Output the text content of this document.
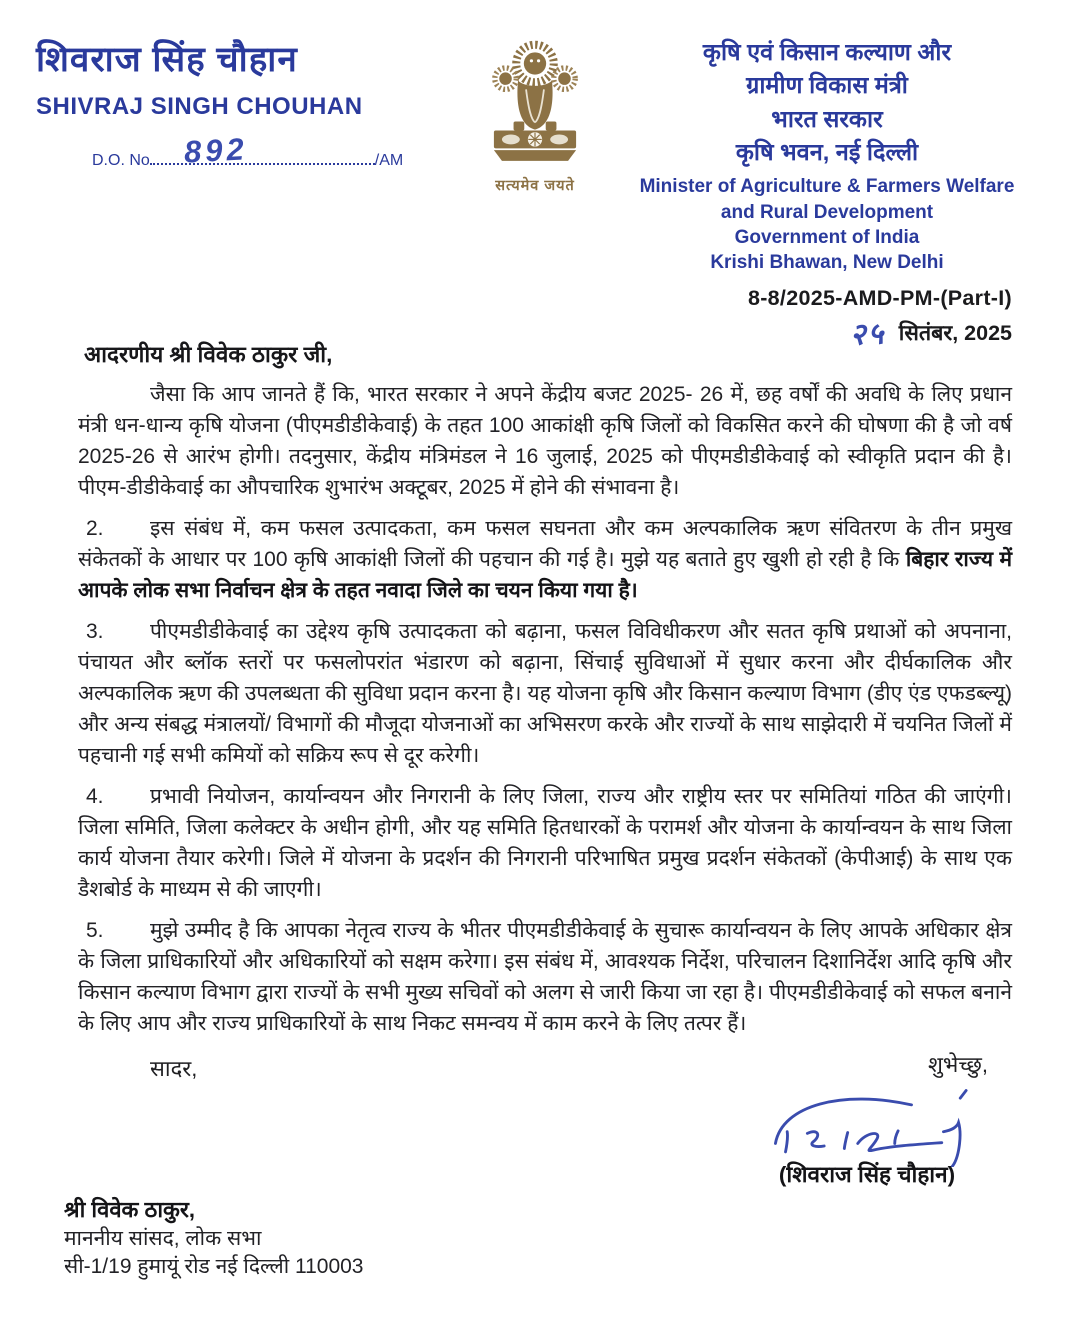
शिवराज सिंह चौहान
SHIVRAJ SINGH CHOUHAN
D.O. No	/AM
892
सत्यमेव जयते
कृषि एवं किसान कल्याण और
ग्रामीण विकास मंत्री
भारत सरकार
कृषि भवन, नई दिल्ली
Minister of Agriculture & Farmers Welfare
and Rural Development
Government of India
Krishi Bhawan, New Delhi
8-8/2025-AMD-PM-(Part-I)
२५ सितंबर, 2025
आदरणीय श्री विवेक ठाकुर जी,

जैसा कि आप जानते हैं कि, भारत सरकार ने अपने केंद्रीय बजट 2025- 26 में, छह वर्षों की अवधि के लिए प्रधान मंत्री धन-धान्य कृषि योजना (पीएमडीडीकेवाई) के तहत 100 आकांक्षी कृषि जिलों को विकसित करने की घोषणा की है जो वर्ष 2025-26 से आरंभ होगी। तदनुसार, केंद्रीय मंत्रिमंडल ने 16 जुलाई, 2025 को पीएमडीडीकेवाई को स्वीकृति प्रदान की है। पीएम-डीडीकेवाई का औपचारिक शुभारंभ अक्टूबर, 2025 में होने की संभावना है।

2. इस संबंध में, कम फसल उत्पादकता, कम फसल सघनता और कम अल्पकालिक ऋण संवितरण के तीन प्रमुख संकेतकों के आधार पर 100 कृषि आकांक्षी जिलों की पहचान की गई है। मुझे यह बताते हुए खुशी हो रही है कि बिहार राज्य में आपके लोक सभा निर्वाचन क्षेत्र के तहत नवादा जिले का चयन किया गया है।

3. पीएमडीडीकेवाई का उद्देश्य कृषि उत्पादकता को बढ़ाना, फसल विविधीकरण और सतत कृषि प्रथाओं को अपनाना, पंचायत और ब्लॉक स्तरों पर फसलोपरांत भंडारण को बढ़ाना, सिंचाई सुविधाओं में सुधार करना और दीर्घकालिक और अल्पकालिक ऋण की उपलब्धता की सुविधा प्रदान करना है। यह योजना कृषि और किसान कल्याण विभाग (डीए एंड एफडब्ल्यू) और अन्य संबद्ध मंत्रालयों/ विभागों की मौजूदा योजनाओं का अभिसरण करके और राज्यों के साथ साझेदारी में चयनित जिलों में पहचानी गई सभी कमियों को सक्रिय रूप से दूर करेगी।

4. प्रभावी नियोजन, कार्यान्वयन और निगरानी के लिए जिला, राज्य और राष्ट्रीय स्तर पर समितियां गठित की जाएंगी। जिला समिति, जिला कलेक्टर के अधीन होगी, और यह समिति हितधारकों के परामर्श और योजना के कार्यान्वयन के साथ जिला कार्य योजना तैयार करेगी। जिले में योजना के प्रदर्शन की निगरानी परिभाषित प्रमुख प्रदर्शन संकेतकों (केपीआई) के साथ एक डैशबोर्ड के माध्यम से की जाएगी।

5. मुझे उम्मीद है कि आपका नेतृत्व राज्य के भीतर पीएमडीडीकेवाई के सुचारू कार्यान्वयन के लिए आपके अधिकार क्षेत्र के जिला प्राधिकारियों और अधिकारियों को सक्षम करेगा। इस संबंध में, आवश्यक निर्देश, परिचालन दिशानिर्देश आदि कृषि और किसान कल्याण विभाग द्वारा राज्यों के सभी मुख्य सचिवों को अलग से जारी किया जा रहा है। पीएमडीडीकेवाई को सफल बनाने के लिए आप और राज्य प्राधिकारियों के साथ निकट समन्वय में काम करने के लिए तत्पर हैं।

सादर,	शुभेच्छु,
(शिवराज सिंह चौहान)
श्री विवेक ठाकुर,
माननीय सांसद, लोक सभा
सी-1/19 हुमायूं रोड नई दिल्ली 110003
